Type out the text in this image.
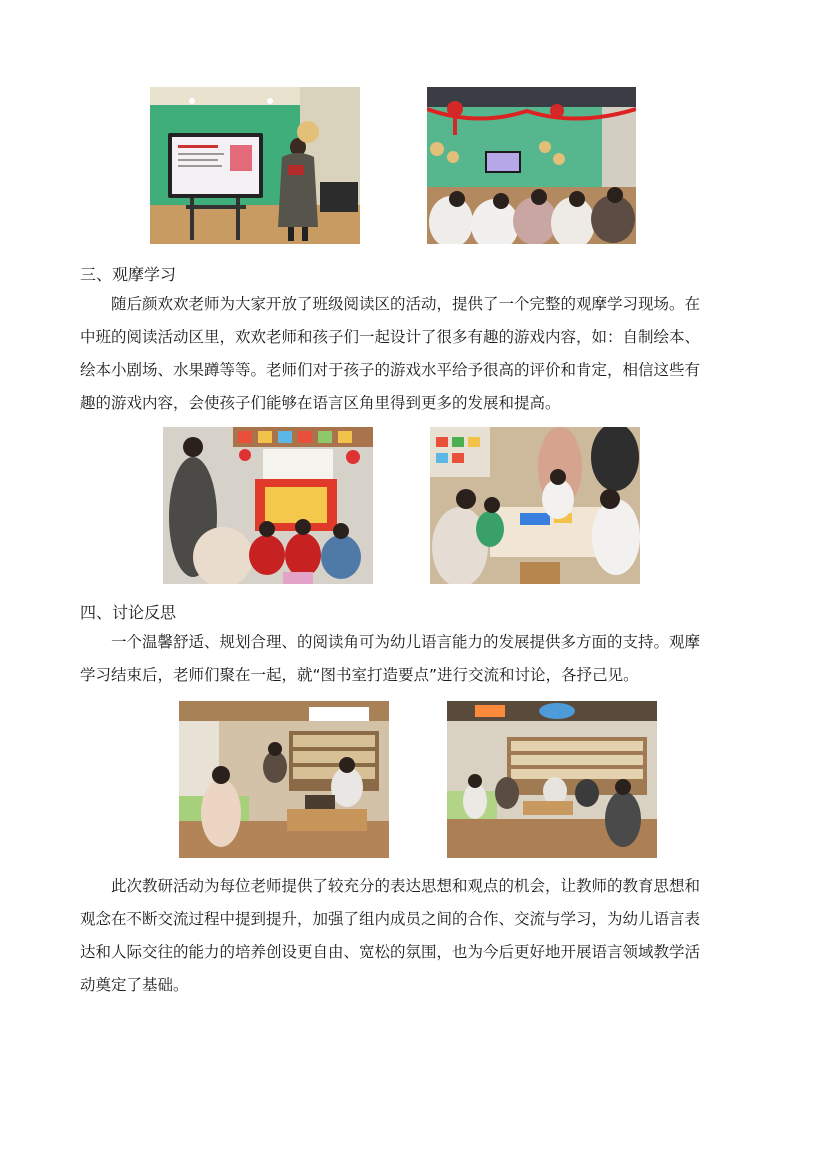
三、观摩学习
随后颜欢欢老师为大家开放了班级阅读区的活动，提供了一个完整的观摩学习现场。在
中班的阅读活动区里，欢欢老师和孩子们一起设计了很多有趣的游戏内容，如：自制绘本、
绘本小剧场、水果蹲等等。老师们对于孩子的游戏水平给予很高的评价和肯定，相信这些有
趣的游戏内容，会使孩子们能够在语言区角里得到更多的发展和提高。
四、讨论反思
一个温馨舒适、规划合理、的阅读角可为幼儿语言能力的发展提供多方面的支持。观摩
学习结束后，老师们聚在一起，就“图书室打造要点”进行交流和讨论，各抒己见。
此次教研活动为每位老师提供了较充分的表达思想和观点的机会，让教师的教育思想和
观念在不断交流过程中提到提升，加强了组内成员之间的合作、交流与学习，为幼儿语言表
达和人际交往的能力的培养创设更自由、宽松的氛围，也为今后更好地开展语言领域教学活
动奠定了基础。
